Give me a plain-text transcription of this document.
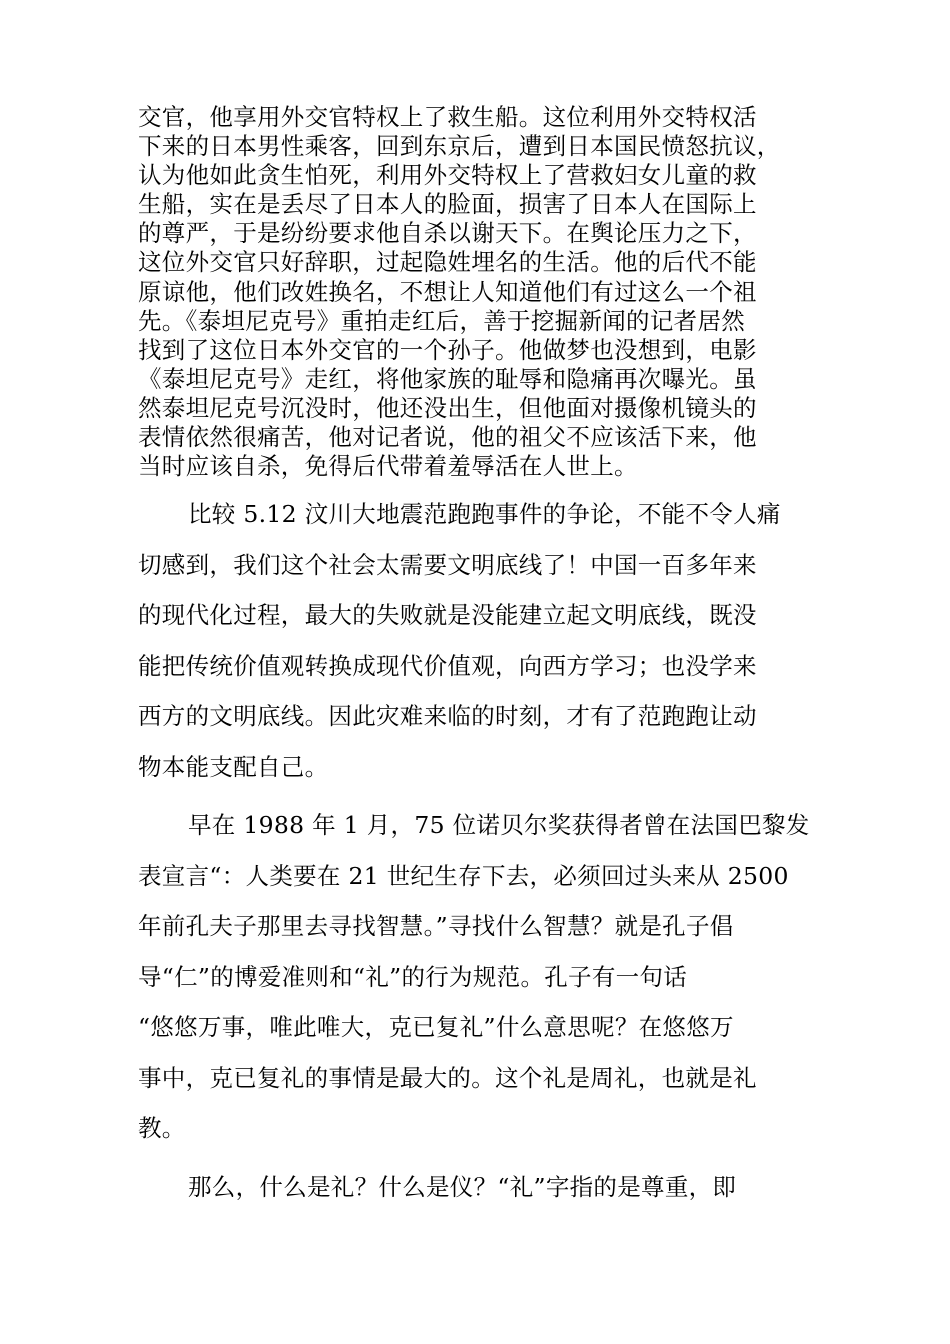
交官，他享用外交官特权上了救生船。这位利用外交特权活
下来的日本男性乘客，回到东京后，遭到日本国民愤怒抗议，
认为他如此贪生怕死，利用外交特权上了营救妇女儿童的救
生船，实在是丢尽了日本人的脸面，损害了日本人在国际上
的尊严，于是纷纷要求他自杀以谢天下。在舆论压力之下，
这位外交官只好辞职，过起隐姓埋名的生活。他的后代不能
原谅他，他们改姓换名，不想让人知道他们有过这么一个祖
先。《泰坦尼克号》重拍走红后，善于挖掘新闻的记者居然
找到了这位日本外交官的一个孙子。他做梦也没想到，电影
《泰坦尼克号》走红，将他家族的耻辱和隐痛再次曝光。虽
然泰坦尼克号沉没时，他还没出生，但他面对摄像机镜头的
表情依然很痛苦，他对记者说，他的祖父不应该活下来，他
当时应该自杀，免得后代带着羞辱活在人世上。
比较 5.12 汶川大地震范跑跑事件的争论，不能不令人痛
切感到，我们这个社会太需要文明底线了！中国一百多年来
的现代化过程，最大的失败就是没能建立起文明底线，既没
能把传统价值观转换成现代价值观，向西方学习；也没学来
西方的文明底线。因此灾难来临的时刻，才有了范跑跑让动
物本能支配自己。
早在 1988 年 1 月，75 位诺贝尔奖获得者曾在法国巴黎发
表宣言“：人类要在 21 世纪生存下去，必须回过头来从 2500
年前孔夫子那里去寻找智慧。”寻找什么智慧？就是孔子倡
导“仁”的博爱准则和“礼”的行为规范。孔子有一句话
“悠悠万事，唯此唯大，克已复礼”什么意思呢？在悠悠万
事中，克已复礼的事情是最大的。这个礼是周礼，也就是礼
教。
那么，什么是礼？什么是仪？“礼”字指的是尊重，即
